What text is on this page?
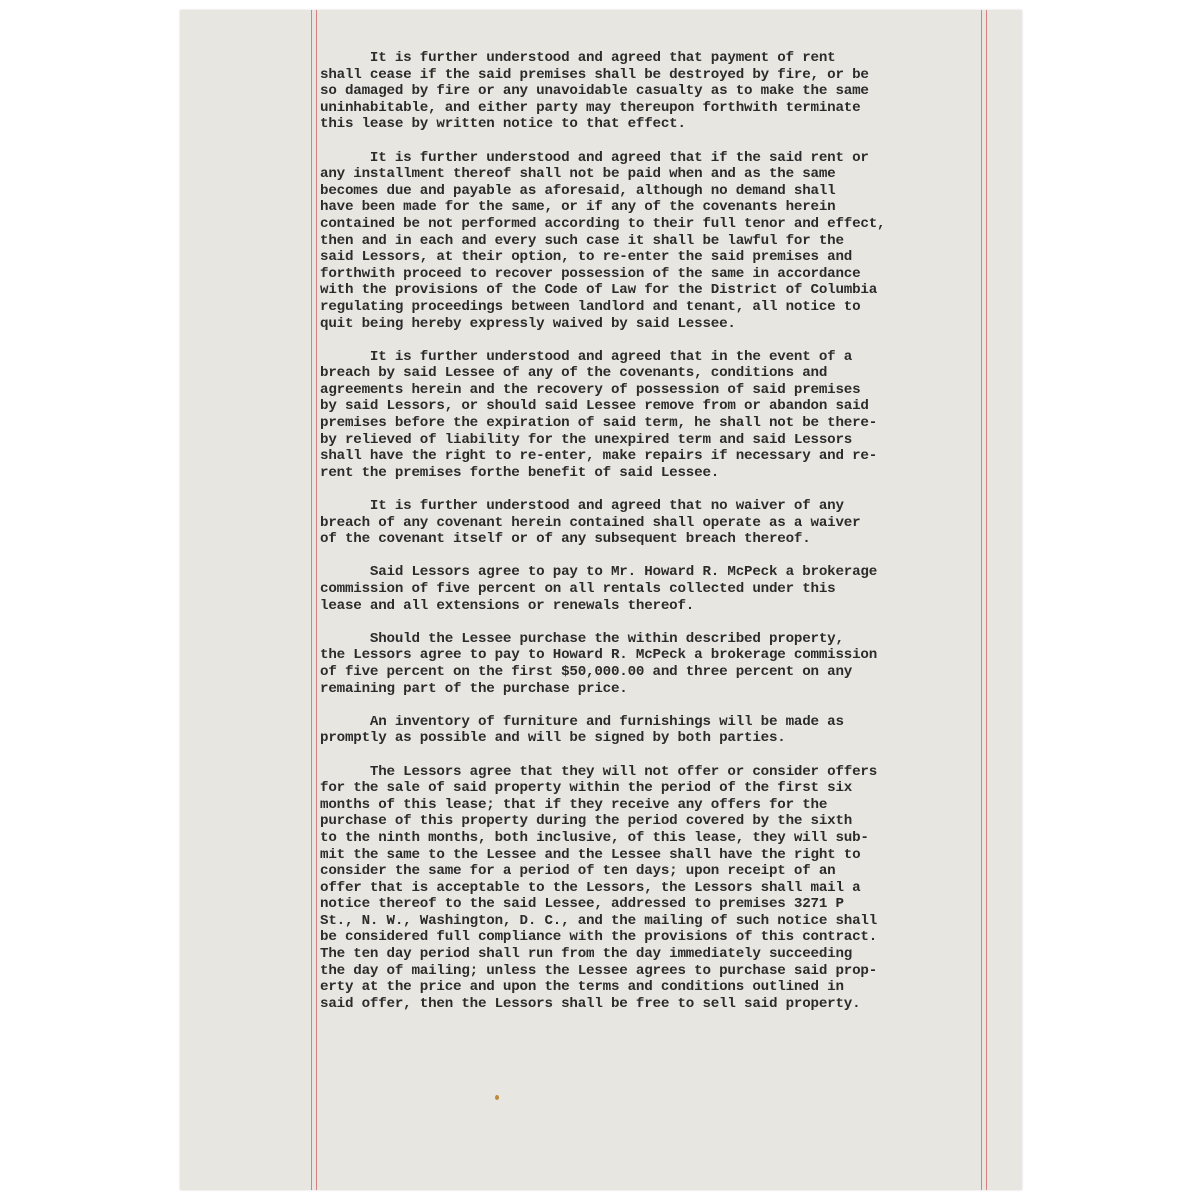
It is further understood and agreed that payment of rent
shall cease if the said premises shall be destroyed by fire, or be
so damaged by fire or any unavoidable casualty as to make the same
uninhabitable, and either party may thereupon forthwith terminate
this lease by written notice to that effect.
It is further understood and agreed that if the said rent or
any installment thereof shall not be paid when and as the same
becomes due and payable as aforesaid, although no demand shall
have been made for the same, or if any of the covenants herein
contained be not performed according to their full tenor and effect,
then and in each and every such case it shall be lawful for the
said Lessors, at their option, to re-enter the said premises and
forthwith proceed to recover possession of the same in accordance
with the provisions of the Code of Law for the District of Columbia
regulating proceedings between landlord and tenant, all notice to
quit being hereby expressly waived by said Lessee.
It is further understood and agreed that in the event of a
breach by said Lessee of any of the covenants, conditions and
agreements herein and the recovery of possession of said premises
by said Lessors, or should said Lessee remove from or abandon said
premises before the expiration of said term, he shall not be there-
by relieved of liability for the unexpired term and said Lessors
shall have the right to re-enter, make repairs if necessary and re-
rent the premises forthe benefit of said Lessee.
It is further understood and agreed that no waiver of any
breach of any covenant herein contained shall operate as a waiver
of the covenant itself or of any subsequent breach thereof.
Said Lessors agree to pay to Mr. Howard R. McPeck a brokerage
commission of five percent on all rentals collected under this
lease and all extensions or renewals thereof.
Should the Lessee purchase the within described property,
the Lessors agree to pay to Howard R. McPeck a brokerage commission
of five percent on the first $50,000.00 and three percent on any
remaining part of the purchase price.
An inventory of furniture and furnishings will be made as
promptly as possible and will be signed by both parties.
The Lessors agree that they will not offer or consider offers
for the sale of said property within the period of the first six
months of this lease; that if they receive any offers for the
purchase of this property during the period covered by the sixth
to the ninth months, both inclusive, of this lease, they will sub-
mit the same to the Lessee and the Lessee shall have the right to
consider the same for a period of ten days; upon receipt of an
offer that is acceptable to the Lessors, the Lessors shall mail a
notice thereof to the said Lessee, addressed to premises 3271 P
St., N. W., Washington, D. C., and the mailing of such notice shall
be considered full compliance with the provisions of this contract.
The ten day period shall run from the day immediately succeeding
the day of mailing; unless the Lessee agrees to purchase said prop-
erty at the price and upon the terms and conditions outlined in
said offer, then the Lessors shall be free to sell said property.
